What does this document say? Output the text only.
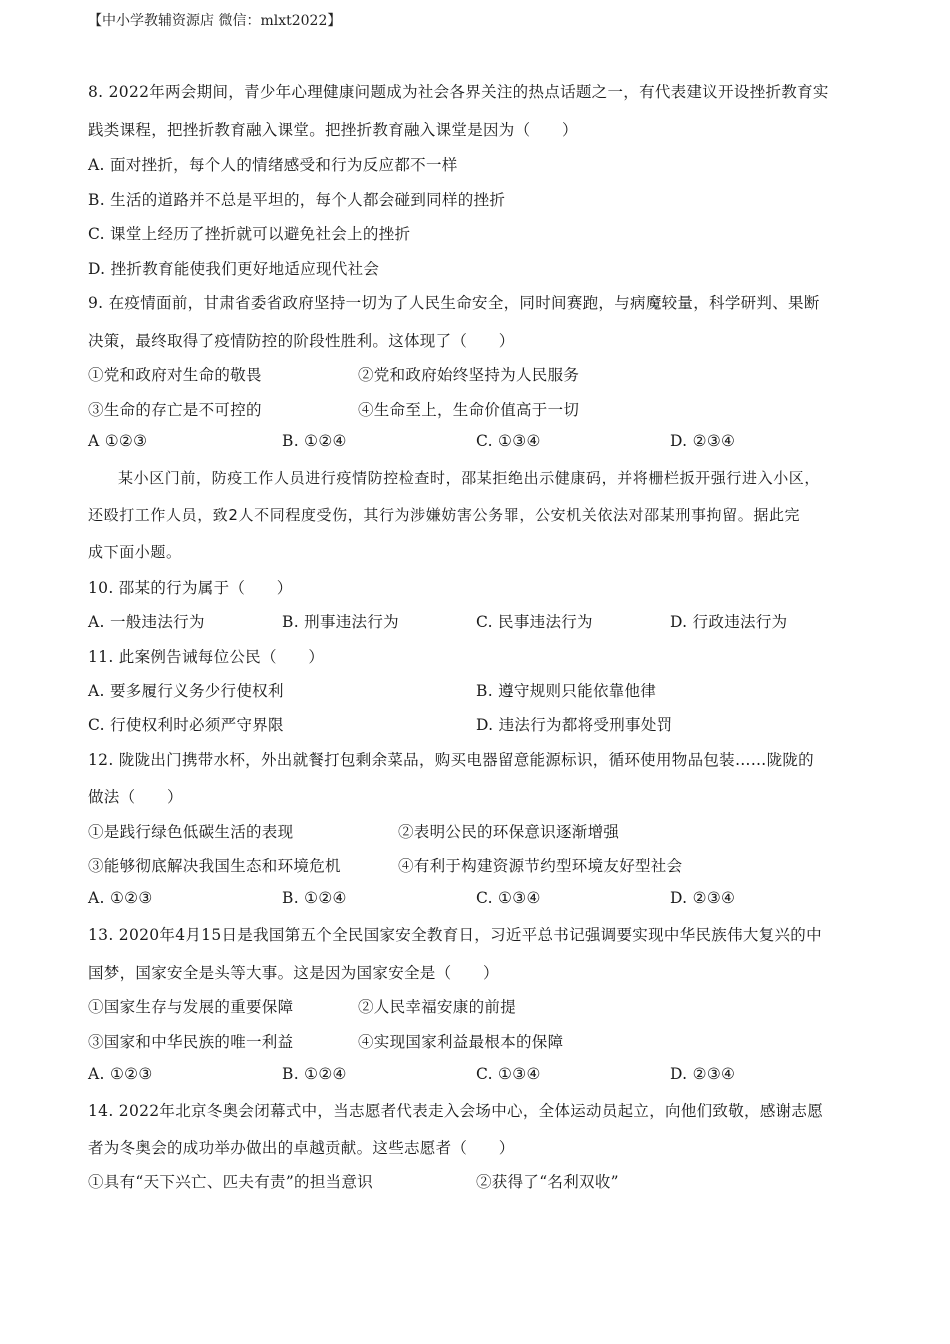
【中小学教辅资源店 微信：mlxt2022】
8. 2022年两会期间，青少年心理健康问题成为社会各界关注的热点话题之一，有代表建议开设挫折教育实
践类课程，把挫折教育融入课堂。把挫折教育融入课堂是因为（　　）
A. 面对挫折，每个人的情绪感受和行为反应都不一样
B. 生活的道路并不总是平坦的，每个人都会碰到同样的挫折
C. 课堂上经历了挫折就可以避免社会上的挫折
D. 挫折教育能使我们更好地适应现代社会
9. 在疫情面前，甘肃省委省政府坚持一切为了人民生命安全，同时间赛跑，与病魔较量，科学研判、果断
决策，最终取得了疫情防控的阶段性胜利。这体现了（　　）
①党和政府对生命的敬畏	②党和政府始终坚持为人民服务
③生命的存亡是不可控的	④生命至上，生命价值高于一切
A ①②③	B. ①②④	C. ①③④	D. ②③④
某小区门前，防疫工作人员进行疫情防控检查时，邵某拒绝出示健康码，并将栅栏扳开强行进入小区，
还殴打工作人员，致2人不同程度受伤，其行为涉嫌妨害公务罪，公安机关依法对邵某刑事拘留。据此完
成下面小题。
10. 邵某的行为属于（　　）
A. 一般违法行为	B. 刑事违法行为	C. 民事违法行为	D. 行政违法行为
11. 此案例告诫每位公民（　　）
A. 要多履行义务少行使权利	B. 遵守规则只能依靠他律
C. 行使权利时必须严守界限	D. 违法行为都将受刑事处罚
12. 陇陇出门携带水杯，外出就餐打包剩余菜品，购买电器留意能源标识，循环使用物品包装……陇陇的
做法（　　）
①是践行绿色低碳生活的表现	②表明公民的环保意识逐渐增强
③能够彻底解决我国生态和环境危机	④有利于构建资源节约型环境友好型社会
A. ①②③	B. ①②④	C. ①③④	D. ②③④
13. 2020年4月15日是我国第五个全民国家安全教育日，习近平总书记强调要实现中华民族伟大复兴的中
国梦，国家安全是头等大事。这是因为国家安全是（　　）
①国家生存与发展的重要保障	②人民幸福安康的前提
③国家和中华民族的唯一利益	④实现国家利益最根本的保障
A. ①②③	B. ①②④	C. ①③④	D. ②③④
14. 2022年北京冬奥会闭幕式中，当志愿者代表走入会场中心，全体运动员起立，向他们致敬，感谢志愿
者为冬奥会的成功举办做出的卓越贡献。这些志愿者（　　）
①具有“天下兴亡、匹夫有责”的担当意识	②获得了“名利双收”
